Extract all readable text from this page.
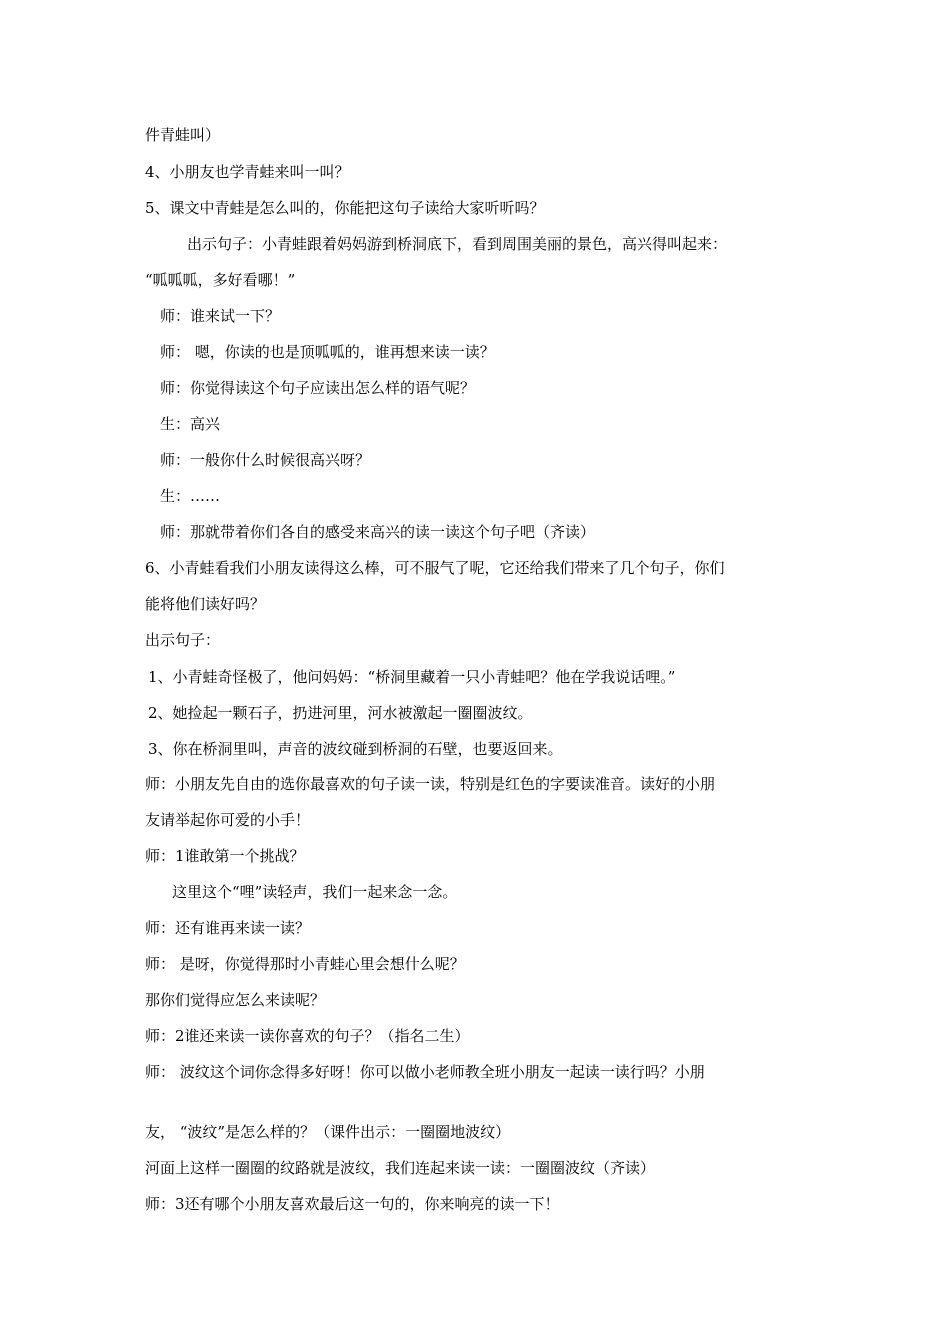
件青蛙叫）
4、小朋友也学青蛙来叫一叫？
5、课文中青蛙是怎么叫的，你能把这句子读给大家听听吗？
出示句子：小青蛙跟着妈妈游到桥洞底下，看到周围美丽的景色，高兴得叫起来：
“呱呱呱，多好看哪！”
师：谁来试一下？
师： 嗯，你读的也是顶呱呱的，谁再想来读一读？
师：你觉得读这个句子应读出怎么样的语气呢？
生：高兴
师：一般你什么时候很高兴呀？
生：……
师：那就带着你们各自的感受来高兴的读一读这个句子吧（齐读）
6、小青蛙看我们小朋友读得这么棒，可不服气了呢，它还给我们带来了几个句子，你们
能将他们读好吗？
出示句子：
1、小青蛙奇怪极了，他问妈妈：“桥洞里藏着一只小青蛙吧？他在学我说话哩。”
2、她捡起一颗石子，扔进河里，河水被激起一圈圈波纹。
3、你在桥洞里叫，声音的波纹碰到桥洞的石壁，也要返回来。
师：小朋友先自由的选你最喜欢的句子读一读，特别是红色的字要读准音。读好的小朋
友请举起你可爱的小手！
师：1谁敢第一个挑战？
这里这个“哩”读轻声，我们一起来念一念。
师：还有谁再来读一读？
师： 是呀，你觉得那时小青蛙心里会想什么呢？
那你们觉得应怎么来读呢？
师：2谁还来读一读你喜欢的句子？（指名二生）
师： 波纹这个词你念得多好呀！你可以做小老师教全班小朋友一起读一读行吗？小朋
友， “波纹”是怎么样的？（课件出示：一圈圈地波纹）
河面上这样一圈圈的纹路就是波纹，我们连起来读一读：一圈圈波纹（齐读）
师：3还有哪个小朋友喜欢最后这一句的，你来响亮的读一下！
